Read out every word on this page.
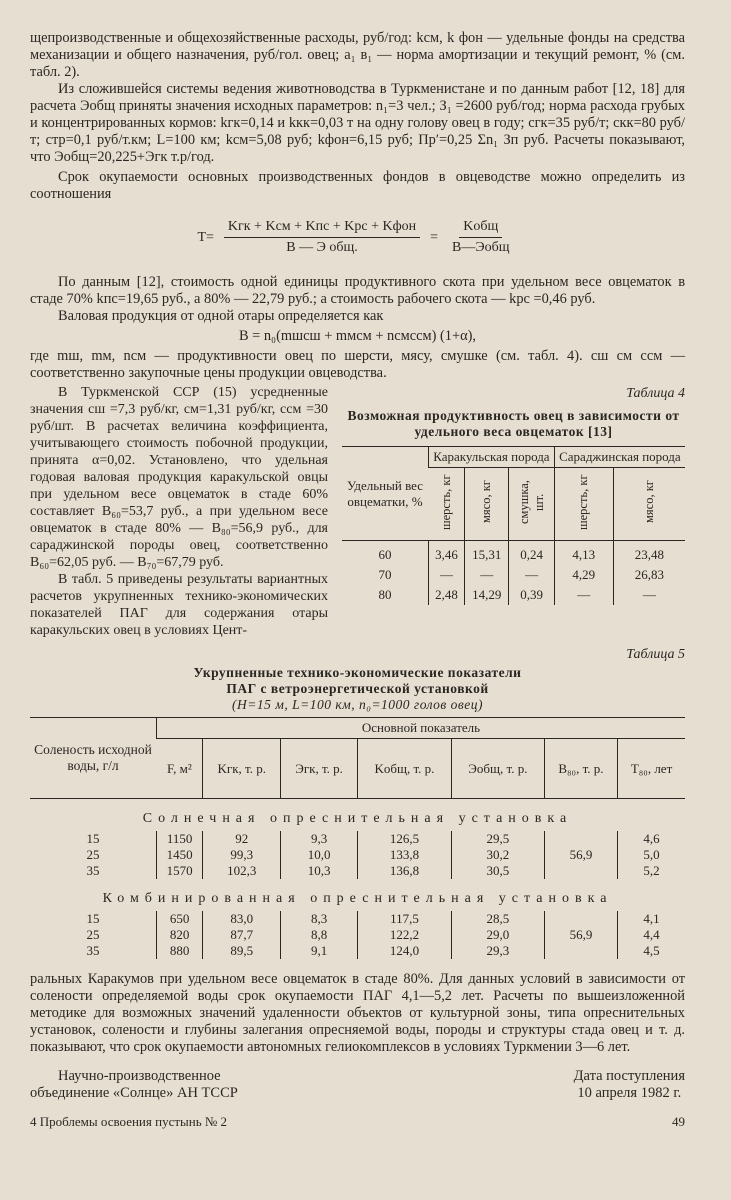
щепроизводственные и общехозяйственные расходы, руб/год: kсм, k фон — удельные фонды на средства механизации и общего назначения, руб/гол. овец; a₁ в₁ — норма амортизации и текущий ремонт, % (см. табл. 2).

Из сложившейся системы ведения животноводства в Туркменистане и по данным работ [12, 18] для расчета Эобщ приняты значения исходных параметров: n₁=3 чел.; З₁ =2600 руб/год; норма расхода грубых и концентрированных кормов: kгк=0,14 и kкк=0,03 т на одну голову овец в году; cгк=35 руб/т; cкк=80 руб/т; cтр=0,1 руб/т.км; L=100 км; kсм=5,08 руб; kфон=6,15 руб; Пр′=0,25 Σn₁ Зп руб. Расчеты показывают, что Эобщ=20,225+Эгк т.р/год.

Срок окупаемости основных производственных фондов в овцеводстве можно определить из соотношения

$T= \frac{\text{Kгк + Kсм + Kпс + Kрс + Kфон}}{\text{B — Э общ.}} = \frac{\text{Kобщ}}{\text{B—Эобщ}}$

По данным [12], стоимость одной единицы продуктивного скота при удельном весе овцематок в стаде 70% kпс=19,65 руб., а 80% — 22,79 руб.; а стоимость рабочего скота — kрс =0,46 руб.

Валовая продукция от одной отары определяется как

B = n₀(mшcш + mмcм + nсмcсм) (1+α),

где mш, mм, nсм — продуктивности овец по шерсти, мясу, смушке (см. табл. 4). cш cм cсм — соответственно закупочные цены продукции овцеводства.

В Туркменской ССР (15) усредненные значения cш =7,3 руб/кг, cм=1,31 руб/кг, cсм =30 руб/шт. В расчетах величина коэффициента, учитывающего стоимость побочной продукции, принята α=0,02. Установлено, что удельная годовая валовая продукция каракульской овцы при удельном весе овцематок в стаде 60% составляет B₆₀=53,7 руб., а при удельном весе овцематок в стаде 80% — B₈₀=56,9 руб., для сараджинской породы овец, соответственно B₆₀=62,05 руб. — B₇₀=67,79 руб.

В табл. 5 приведены результаты вариантных расчетов укрупненных технико-экономических показателей ПАГ для содержания отары каракульских овец в условиях Цент-

Таблица 4
Возможная продуктивность овец в зависимости от удельного веса овцематок [13]
Удельный вес овцематки, %	Каракульская порода			Сараджинская порода	
	шерсть, кг	мясо, кг	смушка, шт.	шерсть, кг	мясо, кг
60	3,46	15,31	0,24	4,13	23,48
70	—	—	—	4,29	26,83
80	2,48	14,29	0,39	—	—
Таблица 5
Укрупненные технико-экономические показатели
ПАГ с ветроэнергетической установкой
(H=15 м, L=100 км, n₀=1000 голов овец)
Соленость исходной воды, г/л	Основной показатель						
	F, м²	Kгк, т. р.	Эгк, т. р.	Kобщ, т. р.	Эобщ, т. р.	B₈₀, т. р.	T₈₀, лет
Солнечная опреснительная установка							
15	1150	92	9,3	126,5	29,5		4,6
25	1450	99,3	10,0	133,8	30,2	56,9	5,0
35	1570	102,3	10,3	136,8	30,5		5,2
Комбинированная опреснительная установка							
15	650	83,0	8,3	117,5	28,5		4,1
25	820	87,7	8,8	122,2	29,0	56,9	4,4
35	880	89,5	9,1	124,0	29,3		4,5

ральных Каракумов при удельном весе овцематок в стаде 80%. Для данных условий в зависимости от солености определяемой воды срок окупаемости ПАГ 4,1—5,2 лет. Расчеты по вышеизложенной методике для возможных значений удаленности объектов от культурной зоны, типа опреснительных установок, солености и глубины залегания опресняемой воды, породы и структуры стада овец и т. д. показывают, что срок окупаемости автономных гелиокомплексов в условиях Туркмении 3—6 лет.

Научно-производственное
объединение «Солнце» АН ТССР
Дата поступления
10 апреля 1982 г.
4 Проблемы освоения пустынь № 2	49
